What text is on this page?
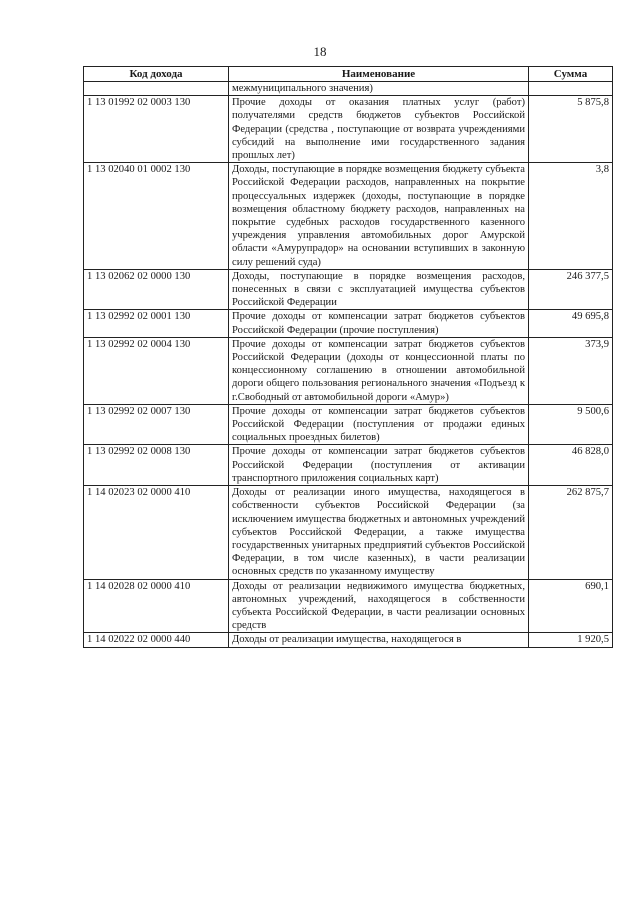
18
Код дохода	Наименование	Сумма
	межмуниципального значения)	
1 13 01992 02 0003 130	Прочие доходы от оказания платных услуг (работ) получателями средств бюджетов субъектов Российской Федерации (средства , поступающие от возврата учреждениями субсидий на выполнение ими государственного задания прошлых лет)	5 875,8
1 13 02040 01 0002 130	Доходы, поступающие в порядке возмещения бюджету субъекта Российской Федерации расходов, направленных на покрытие процессуальных издержек (доходы, поступающие в порядке возмещения областному бюджету расходов, направленных на покрытие судебных расходов государственного казенного учреждения управления автомобильных дорог Амурской области «Амурупрадор» на основании вступивших в законную силу решений суда)	3,8
1 13 02062 02 0000 130	Доходы, поступающие в порядке возмещения расходов, понесенных в связи с эксплуатацией имущества субъектов Российской Федерации	246 377,5
1 13 02992 02 0001 130	Прочие доходы от компенсации затрат бюджетов субъектов Российской Федерации (прочие поступления)	49 695,8
1 13 02992 02 0004 130	Прочие доходы от компенсации затрат бюджетов субъектов Российской Федерации (доходы от концессионной платы по концессионному соглашению в отношении автомобильной дороги общего пользования регионального значения «Подъезд к г.Свободный от автомобильной дороги «Амур»)	373,9
1 13 02992 02 0007 130	Прочие доходы от компенсации затрат бюджетов субъектов Российской Федерации (поступления от продажи единых социальных проездных билетов)	9 500,6
1 13 02992 02 0008 130	Прочие доходы от компенсации затрат бюджетов субъектов Российской Федерации (поступления от активации транспортного приложения социальных карт)	46 828,0
1 14 02023 02 0000 410	Доходы от реализации иного имущества, находящегося в собственности субъектов Российской Федерации (за исключением имущества бюджетных и автономных учреждений субъектов Российской Федерации, а также имущества государственных унитарных предприятий субъектов Российской Федерации, в том числе казенных), в части реализации основных средств по указанному имуществу	262 875,7
1 14 02028 02 0000 410	Доходы от реализации недвижимого имущества бюджетных, автономных учреждений, находящегося в собственности субъекта Российской Федерации, в части реализации основных средств	690,1
1 14 02022 02 0000 440	Доходы от реализации имущества, находящегося в	1 920,5
